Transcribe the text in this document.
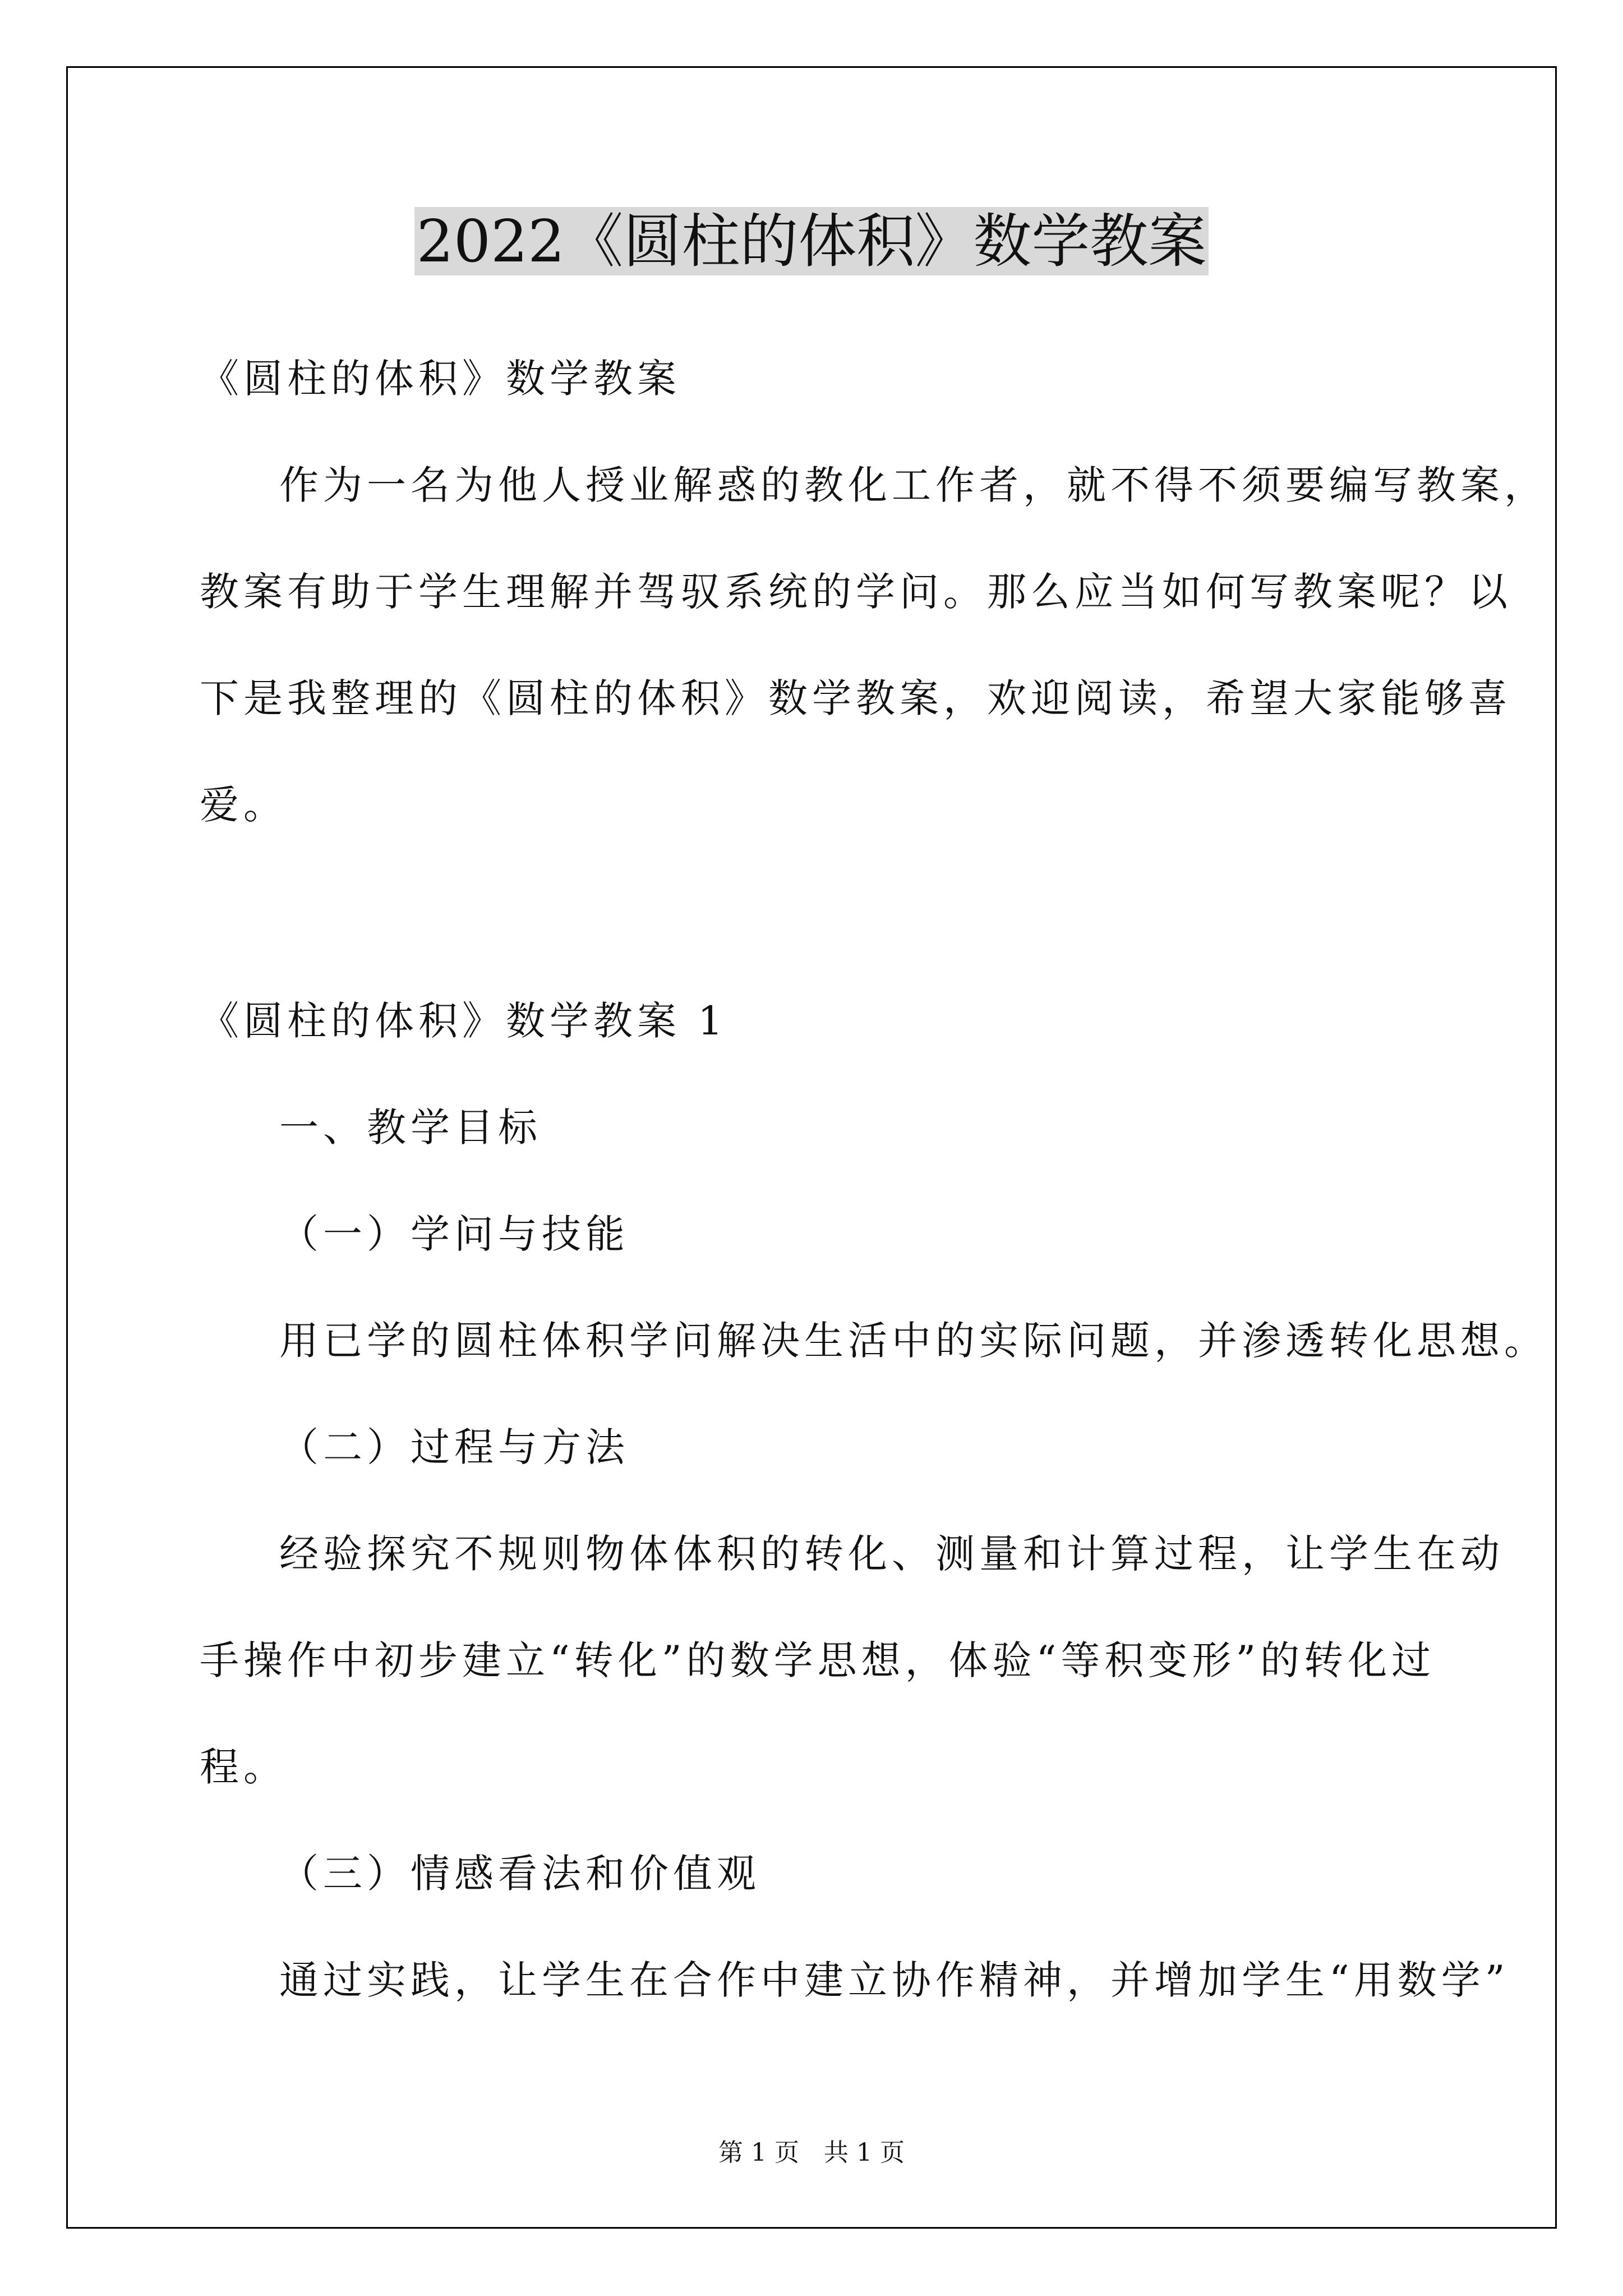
2022《圆柱的体积》数学教案
《圆柱的体积》数学教案
作为一名为他人授业解惑的教化工作者，就不得不须要编写教案，
教案有助于学生理解并驾驭系统的学问。那么应当如何写教案呢？以
下是我整理的《圆柱的体积》数学教案，欢迎阅读，希望大家能够喜
爱。
《圆柱的体积》数学教案 1
一、教学目标
（一）学问与技能
用已学的圆柱体积学问解决生活中的实际问题，并渗透转化思想。
（二）过程与方法
经验探究不规则物体体积的转化、测量和计算过程，让学生在动
手操作中初步建立“转化”的数学思想，体验“等积变形”的转化过
程。
（三）情感看法和价值观
通过实践，让学生在合作中建立协作精神，并增加学生“用数学”
第 1 页　共 1 页
